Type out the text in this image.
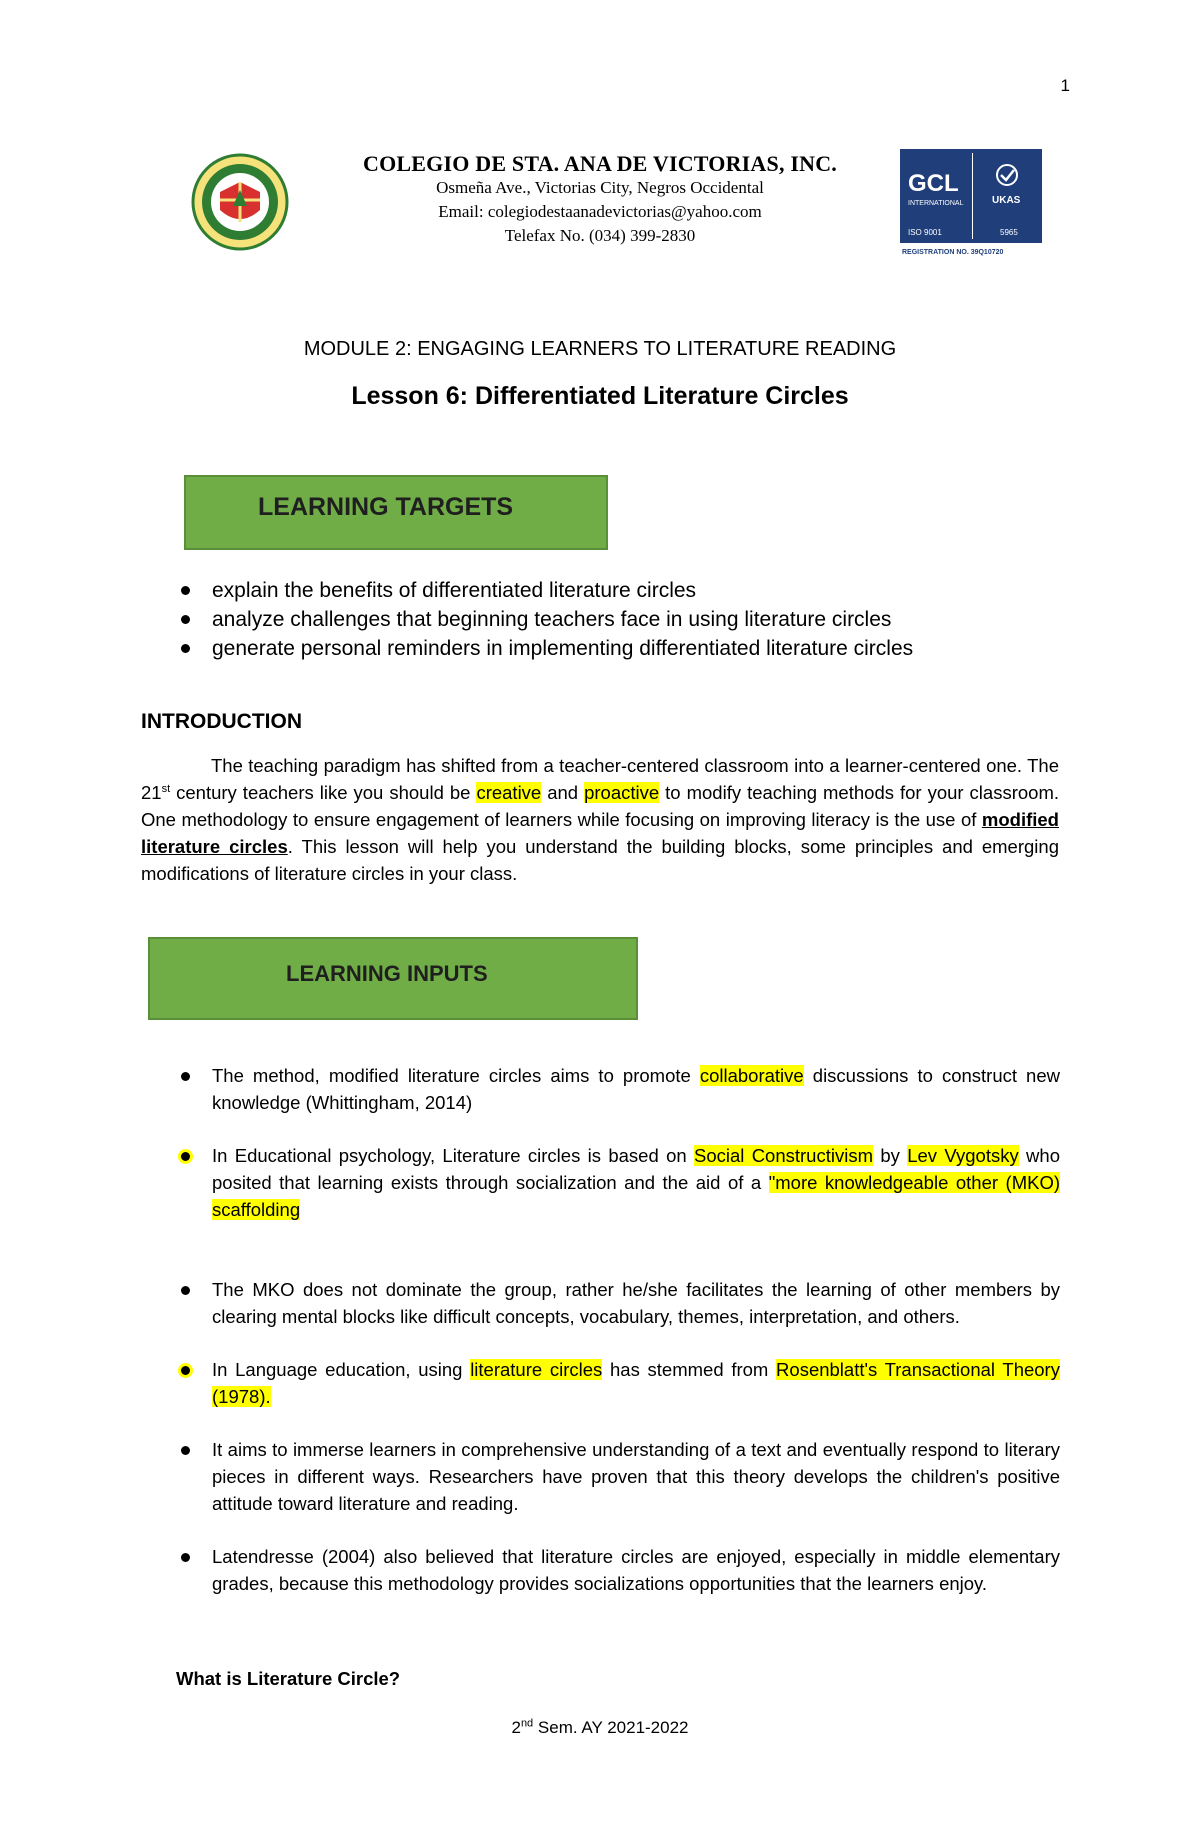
1
COLEGIO DE STA. ANA DE VICTORIAS, INC.
Osmeña Ave., Victorias City, Negros Occidental
Email: colegiodestaanadevictorias@yahoo.com
Telefax No. (034) 399-2830
GCL
INTERNATIONAL	UKAS
ISO 9001	5965
REGISTRATION NO. 39Q10720
MODULE 2: ENGAGING LEARNERS TO LITERATURE READING
Lesson 6: Differentiated Literature Circles
LEARNING TARGETS
explain the benefits of differentiated literature circles
analyze challenges that beginning teachers face in using literature circles
generate personal reminders in implementing differentiated literature circles
INTRODUCTION
The teaching paradigm has shifted from a teacher-centered classroom into a learner-centered one. The 21st century teachers like you should be creative and proactive to modify teaching methods for your classroom. One methodology to ensure engagement of learners while focusing on improving literacy is the use of modified literature circles. This lesson will help you understand the building blocks, some principles and emerging modifications of literature circles in your class.
LEARNING INPUTS
The method, modified literature circles aims to promote collaborative discussions to construct new knowledge (Whittingham, 2014)
In Educational psychology, Literature circles is based on Social Constructivism by Lev Vygotsky who posited that learning exists through socialization and the aid of a "more knowledgeable other (MKO) scaffolding
The MKO does not dominate the group, rather he/she facilitates the learning of other members by clearing mental blocks like difficult concepts, vocabulary, themes, interpretation, and others.
In Language education, using literature circles has stemmed from Rosenblatt's Transactional Theory (1978).
It aims to immerse learners in comprehensive understanding of a text and eventually respond to literary pieces in different ways. Researchers have proven that this theory develops the children's positive attitude toward literature and reading.
Latendresse (2004) also believed that literature circles are enjoyed, especially in middle elementary grades, because this methodology provides socializations opportunities that the learners enjoy.
What is Literature Circle?
2nd Sem. AY 2021-2022
